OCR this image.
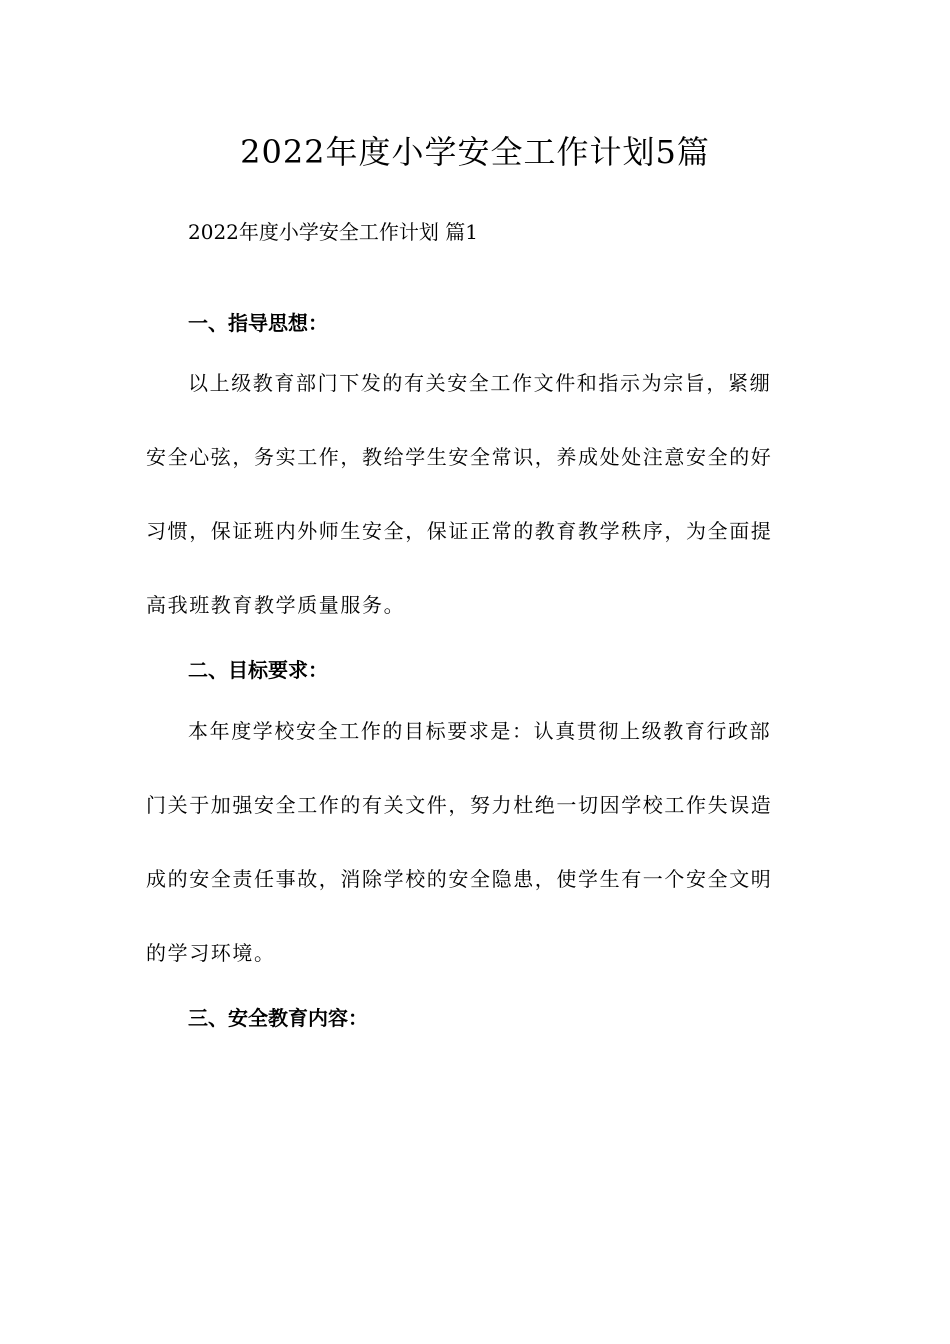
2022年度小学安全工作计划5篇
2022年度小学安全工作计划 篇1
一、指导思想：
以上级教育部门下发的有关安全工作文件和指示为宗旨，紧绷
安全心弦，务实工作，教给学生安全常识，养成处处注意安全的好
习惯，保证班内外师生安全，保证正常的教育教学秩序，为全面提
高我班教育教学质量服务。
二、目标要求：
本年度学校安全工作的目标要求是：认真贯彻上级教育行政部
门关于加强安全工作的有关文件，努力杜绝一切因学校工作失误造
成的安全责任事故，消除学校的安全隐患，使学生有一个安全文明
的学习环境。
三、安全教育内容：
